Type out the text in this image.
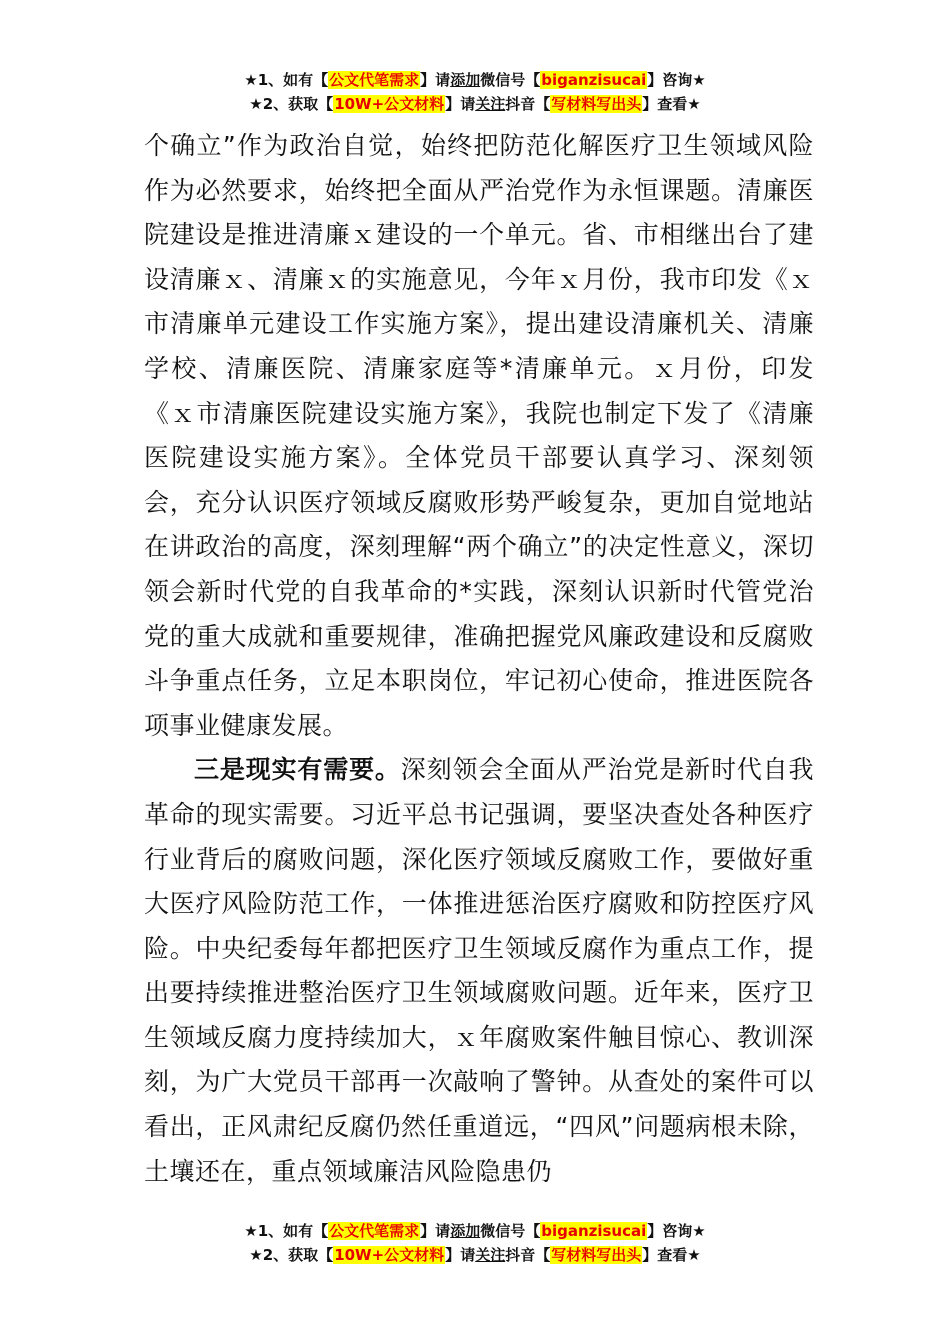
★1、如有【公文代笔需求】请添加微信号【biganzisucai】咨询★
★2、获取【10W+公文材料】请关注抖音【写材料写出头】查看★

个确立”作为政治自觉，始终把防范化解医疗卫生领域风险作为必然要求，始终把全面从严治党作为永恒课题。清廉医院建设是推进清廉ｘ建设的一个单元。省、市相继出台了建设清廉ｘ、清廉ｘ的实施意见，今年ｘ月份，我市印发《ｘ市清廉单元建设工作实施方案》，提出建设清廉机关、清廉学校、清廉医院、清廉家庭等*清廉单元。ｘ月份，印发《ｘ市清廉医院建设实施方案》，我院也制定下发了《清廉医院建设实施方案》。全体党员干部要认真学习、深刻领会，充分认识医疗领域反腐败形势严峻复杂，更加自觉地站在讲政治的高度，深刻理解“两个确立”的决定性意义，深切领会新时代党的自我革命的*实践，深刻认识新时代管党治党的重大成就和重要规律，准确把握党风廉政建设和反腐败斗争重点任务，立足本职岗位，牢记初心使命，推进医院各项事业健康发展。

三是现实有需要。深刻领会全面从严治党是新时代自我革命的现实需要。习近平总书记强调，要坚决查处各种医疗行业背后的腐败问题，深化医疗领域反腐败工作，要做好重大医疗风险防范工作，一体推进惩治医疗腐败和防控医疗风险。中央纪委每年都把医疗卫生领域反腐作为重点工作，提出要持续推进整治医疗卫生领域腐败问题。近年来，医疗卫生领域反腐力度持续加大，ｘ年腐败案件触目惊心、教训深刻，为广大党员干部再一次敲响了警钟。从查处的案件可以看出，正风肃纪反腐仍然任重道远，“四风”问题病根未除，土壤还在，重点领域廉洁风险隐患仍

★1、如有【公文代笔需求】请添加微信号【biganzisucai】咨询★
★2、获取【10W+公文材料】请关注抖音【写材料写出头】查看★
